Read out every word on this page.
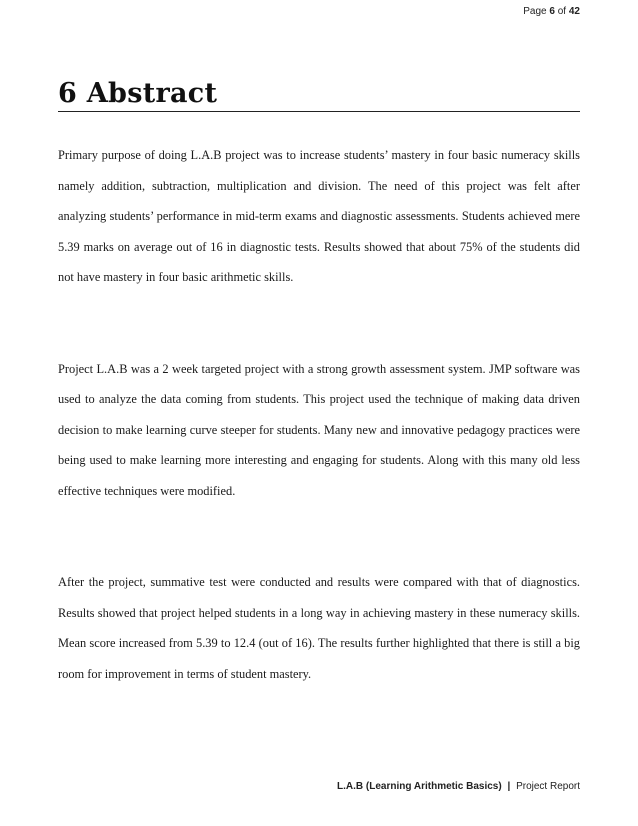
Page 6 of 42
6 Abstract

Primary purpose of doing L.A.B project was to increase students’ mastery in four basic numeracy skills namely addition, subtraction, multiplication and division. The need of this project was felt after analyzing students’ performance in mid-term exams and diagnostic assessments. Students achieved mere 5.39 marks on average out of 16 in diagnostic tests. Results showed that about 75% of the students did not have mastery in four basic arithmetic skills.

Project L.A.B was a 2 week targeted project with a strong growth assessment system. JMP software was used to analyze the data coming from students. This project used the technique of making data driven decision to make learning curve steeper for students. Many new and innovative pedagogy practices were being used to make learning more interesting and engaging for students. Along with this many old less effective techniques were modified.

After the project, summative test were conducted and results were compared with that of diagnostics. Results showed that project helped students in a long way in achieving mastery in these numeracy skills. Mean score increased from 5.39 to 12.4 (out of 16). The results further highlighted that there is still a big room for improvement in terms of student mastery.

L.A.B (Learning Arithmetic Basics) | Project Report
